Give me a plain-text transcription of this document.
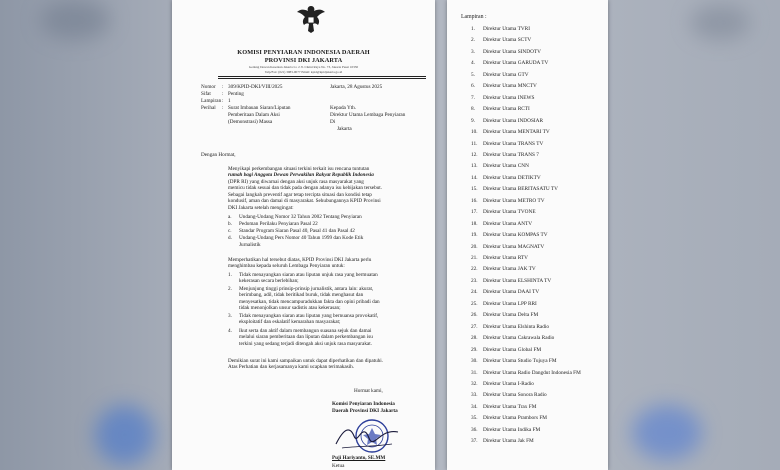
KOMISI PENYIARAN INDONESIA DAERAH
PROVINSI DKI JAKARTA
Gedung Dewan Kesenian Jakarta Lt. 2 Jl. Cikini Raya No. 73, Jakarta Pusat 10330
Telp/Fax: (021) 3983-0077 Email: kpid@kpidjakarta.go.id
Nomor : 309/KPID-DKI/VIII/2025
Sifat : Penting
Lampiran : 1
Perihal : Surat Imbauan Siaran/Liputan
Pemberitaan Dalam Aksi
(Demonstrasi) Massa
Jakarta, 28 Agustus 2025
Kepada Yth.
Direktur Utama Lembaga Penyiaran
Di
Jakarta
Dengan Hormat,
Menyikapi perkembangan situasi terkini terkait isu rencana tuntutan
rumah bagi Anggota Dewan Perwakilan Rakyat Republik Indonesia
(DPR RI) yang diwarnai dengan aksi unjuk rasa masyarakat yang
memicu tidak sesuai dan tidak pada dengan adanya isu kebijakan tersebut.
Sebagai langkah preventif agar tetap tercipta situasi dan kondisi tetap
kondusif, aman dan damai di masyarakat. Sehubungannya KPID Provinsi
DKI Jakarta setelah mengingat:
a. Undang-Undang Nomor 32 Tahun 2002 Tentang Penyiaran
b. Pedoman Perilaku Penyiaran Pasal 22
c. Standar Program Siaran Pasal 40, Pasal 41 dan Pasal 42
d. Undang-Undang Pers Nomor 40 Tahun 1999 dan Kode Etik
Jurnalistik
Memperhatikan hal tersebut diatas, KPID Provinsi DKI Jakarta perlu
menghimbau kepada seluruh Lembaga Penyiaran untuk:
1. Tidak menayangkan siaran atau liputan unjuk rasa yang bermuatan
kekerasan secara berlebihan;
2. Menjunjung tinggi prinsip-prinsip jurnalistik, antara lain: akurat,
berimbang, adil, tidak beritikad buruk, tidak menghasut dan
menyesatkan, tidak mencampuradukkan fakta dan opini pribadi dan
tidak menonjolkan unsur sadistis atau kekerasan;
3. Tidak menayangkan siaran atau liputan yang bernuansa provokatif,
eksploitatif dan eskalatif kemarahan masyarakat;
4. Ikut serta dan aktif dalam membangun suasana sejuk dan damai
melalui siaran pemberitaan dan liputan dalam perkembangan isu
terkini yang sedang terjadi ditengah aksi unjuk rasa masyarakat.
Demikian surat ini kami sampaikan untuk dapat diperhatikan dan dipatuhi.
Atas Perhatian dan kerjasamanya kami ucapkan terimakasih.
Hormat kami,
Komisi Penyiaran Indonesia
Daerah Provinsi DKI Jakarta
Puji Hariyanto, SE.MM
Ketua
Lampiran :
1. Direktur Utama TVRI
2. Direktur Utama SCTV
3. Direktur Utama SINDOTV
4. Direktur Utama GARUDA TV
5. Direktur Utama GTV
6. Direktur Utama MNCTV
7. Direktur Utama INEWS
8. Direktur Utama RCTI
9. Direktur Utama INDOSIAR
10. Direktur Utama MENTARI TV
11. Direktur Utama TRANS TV
12. Direktur Utama TRANS 7
13. Direktur Utama CNN
14. Direktur Utama DETIKTV
15. Direktur Utama BERITASATU TV
16. Direktur Utama METRO TV
17. Direktur Utama TVONE
18. Direktur Utama ANTV
19. Direktur Utama KOMPAS TV
20. Direktur Utama MAGNATV
21. Direktur Utama RTV
22. Direktur Utama JAK TV
23. Direktur Utama ELSHINTA TV
24. Direktur Utama DAAI TV
25. Direktur Utama LPP RRI
26. Direktur Utama Delta FM
27. Direktur Utama Elshinta Radio
28. Direktur Utama Cakrawala Radio
29. Direktur Utama Global FM
30. Direktur Utama Studio Tujuya FM
31. Direktur Utama Radio Dangdut Indonesia FM
32. Direktur Utama I-Radio
33. Direktur Utama Sonora Radio
34. Direktur Utama Trax FM
35. Direktur Utama Prambors FM
36. Direktur Utama Indika FM
37. Direktur Utama Jak FM
